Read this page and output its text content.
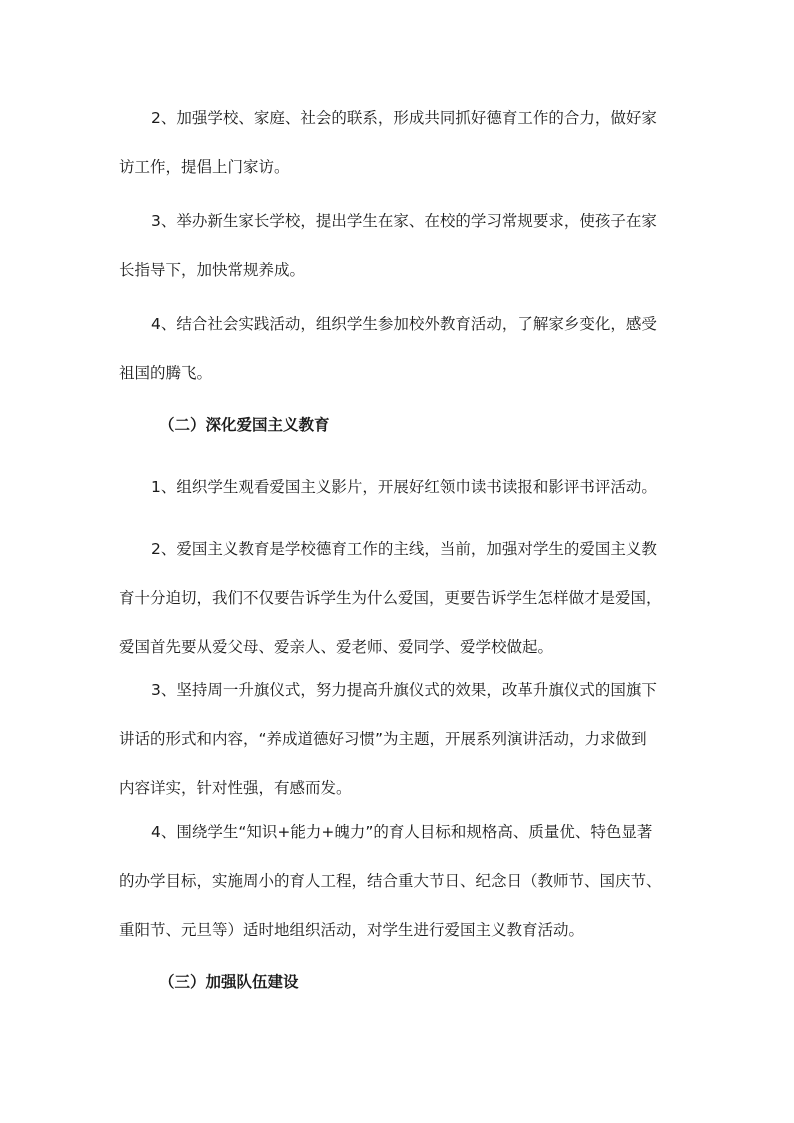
2、加强学校、家庭、社会的联系，形成共同抓好德育工作的合力，做好家
访工作，提倡上门家访。

3、举办新生家长学校，提出学生在家、在校的学习常规要求，使孩子在家
长指导下，加快常规养成。

4、结合社会实践活动，组织学生参加校外教育活动，了解家乡变化，感受
祖国的腾飞。

（二）深化爱国主义教育

1、组织学生观看爱国主义影片，开展好红领巾读书读报和影评书评活动。

2、爱国主义教育是学校德育工作的主线，当前，加强对学生的爱国主义教
育十分迫切，我们不仅要告诉学生为什么爱国，更要告诉学生怎样做才是爱国，
爱国首先要从爱父母、爱亲人、爱老师、爱同学、爱学校做起。

3、坚持周一升旗仪式，努力提高升旗仪式的效果，改革升旗仪式的国旗下
讲话的形式和内容，“养成道德好习惯”为主题，开展系列演讲活动，力求做到
内容详实，针对性强，有感而发。

4、围绕学生“知识+能力+魄力”的育人目标和规格高、质量优、特色显著
的办学目标，实施周小的育人工程，结合重大节日、纪念日（教师节、国庆节、
重阳节、元旦等）适时地组织活动，对学生进行爱国主义教育活动。

（三）加强队伍建设
